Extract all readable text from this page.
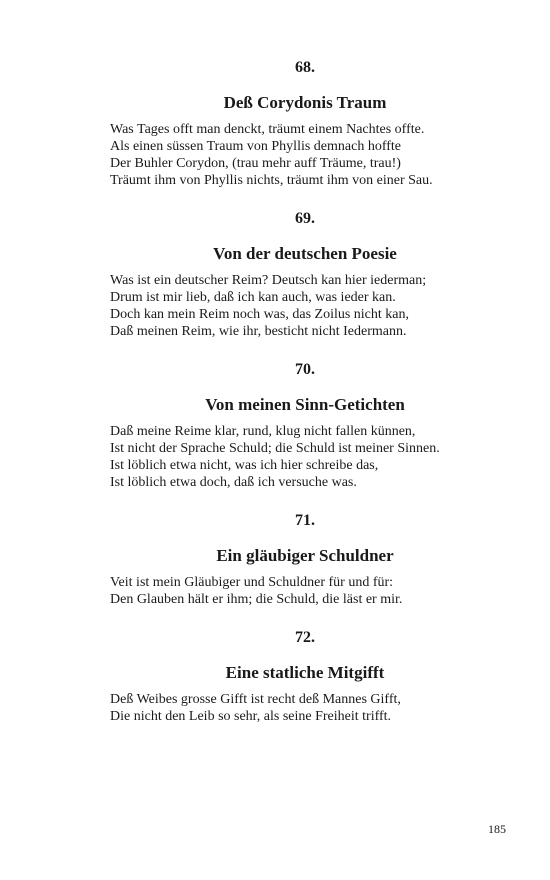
68.
Deß Corydonis Traum
Was Tages offt man denckt, träumt einem Nachtes offte.
Als einen süssen Traum von Phyllis demnach hoffte
Der Buhler Corydon, (trau mehr auff Träume, trau!)
Träumt ihm von Phyllis nichts, träumt ihm von einer Sau.
69.
Von der deutschen Poesie
Was ist ein deutscher Reim? Deutsch kan hier iederman;
Drum ist mir lieb, daß ich kan auch, was ieder kan.
Doch kan mein Reim noch was, das Zoilus nicht kan,
Daß meinen Reim, wie ihr, besticht nicht Iedermann.
70.
Von meinen Sinn-Getichten
Daß meine Reime klar, rund, klug nicht fallen künnen,
Ist nicht der Sprache Schuld; die Schuld ist meiner Sinnen.
Ist löblich etwa nicht, was ich hier schreibe das,
Ist löblich etwa doch, daß ich versuche was.
71.
Ein gläubiger Schuldner
Veit ist mein Gläubiger und Schuldner für und für:
Den Glauben hält er ihm; die Schuld, die läst er mir.
72.
Eine statliche Mitgifft
Deß Weibes grosse Gifft ist recht deß Mannes Gifft,
Die nicht den Leib so sehr, als seine Freiheit trifft.
185
